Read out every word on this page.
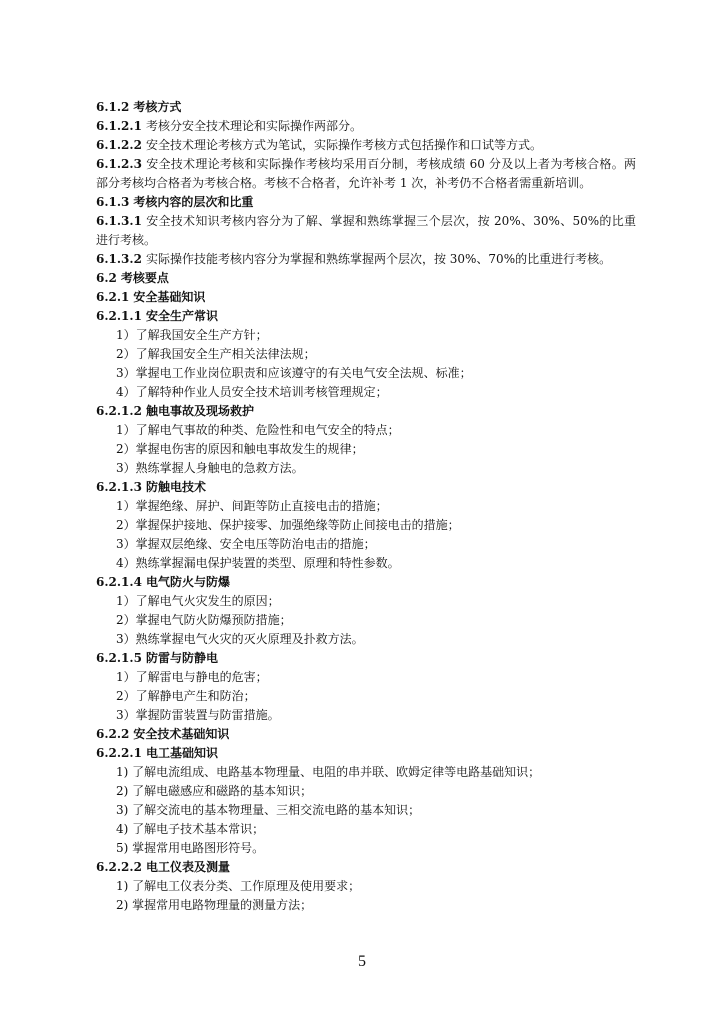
6.1.2 考核方式

6.1.2.1 考核分安全技术理论和实际操作两部分。

6.1.2.2 安全技术理论考核方式为笔试，实际操作考核方式包括操作和口试等方式。

6.1.2.3 安全技术理论考核和实际操作考核均采用百分制，考核成绩 60 分及以上者为考核合格。两部分考核均合格者为考核合格。考核不合格者，允许补考 1 次，补考仍不合格者需重新培训。

6.1.3 考核内容的层次和比重

6.1.3.1 安全技术知识考核内容分为了解、掌握和熟练掌握三个层次，按 20%、30%、50%的比重进行考核。

6.1.3.2 实际操作技能考核内容分为掌握和熟练掌握两个层次，按 30%、70%的比重进行考核。

6.2 考核要点

6.2.1 安全基础知识

6.2.1.1 安全生产常识

1）了解我国安全生产方针；

2）了解我国安全生产相关法律法规；

3）掌握电工作业岗位职责和应该遵守的有关电气安全法规、标准；

4）了解特种作业人员安全技术培训考核管理规定；

6.2.1.2 触电事故及现场救护

1）了解电气事故的种类、危险性和电气安全的特点；

2）掌握电伤害的原因和触电事故发生的规律；

3）熟练掌握人身触电的急救方法。

6.2.1.3 防触电技术

1）掌握绝缘、屏护、间距等防止直接电击的措施；

2）掌握保护接地、保护接零、加强绝缘等防止间接电击的措施；

3）掌握双层绝缘、安全电压等防治电击的措施；

4）熟练掌握漏电保护装置的类型、原理和特性参数。

6.2.1.4 电气防火与防爆

1）了解电气火灾发生的原因；

2）掌握电气防火防爆预防措施；

3）熟练掌握电气火灾的灭火原理及扑救方法。

6.2.1.5 防雷与防静电

1）了解雷电与静电的危害；

2）了解静电产生和防治；

3）掌握防雷装置与防雷措施。

6.2.2 安全技术基础知识

6.2.2.1 电工基础知识

1) 了解电流组成、电路基本物理量、电阻的串并联、欧姆定律等电路基础知识；

2) 了解电磁感应和磁路的基本知识；

3) 了解交流电的基本物理量、三相交流电路的基本知识；

4) 了解电子技术基本常识；

5) 掌握常用电路图形符号。

6.2.2.2 电工仪表及测量

1) 了解电工仪表分类、工作原理及使用要求；

2) 掌握常用电路物理量的测量方法；

5
